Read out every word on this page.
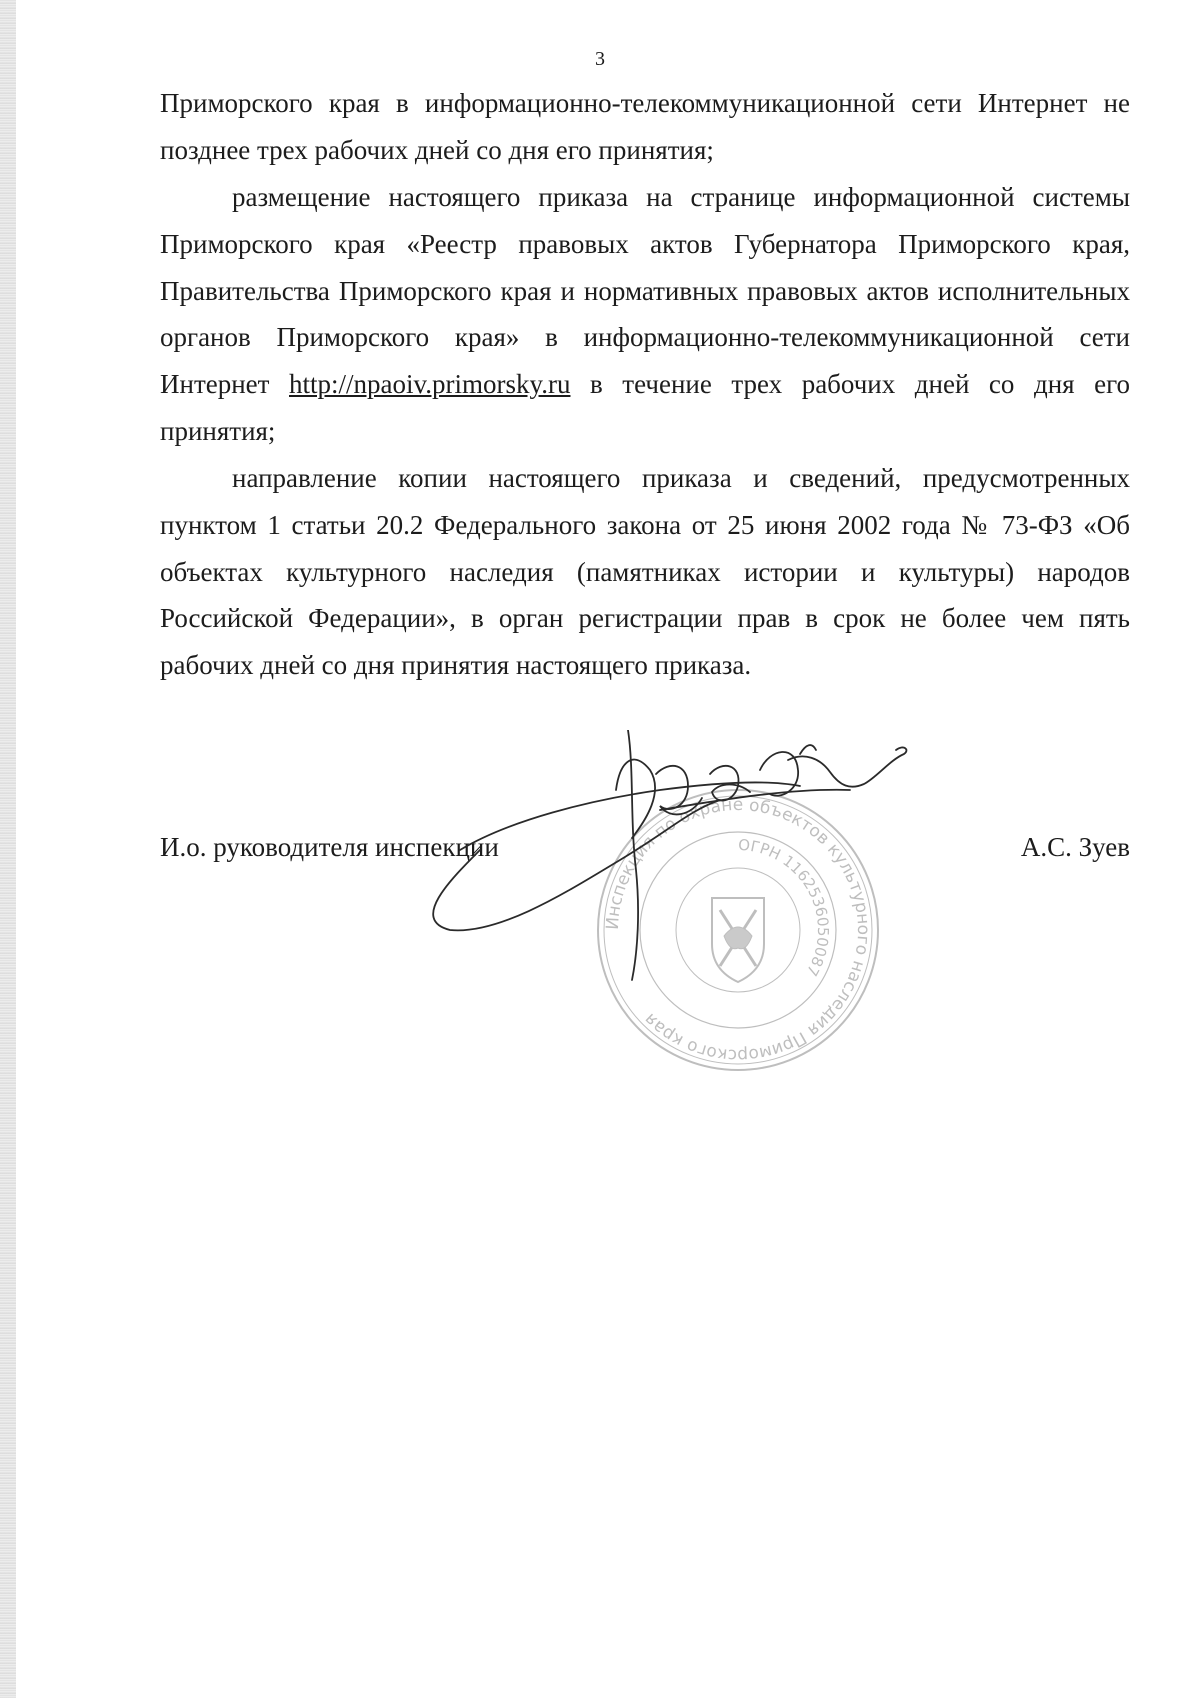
3

Приморского края в информационно-телекоммуникационной сети Интернет не позднее трех рабочих дней со дня его принятия;

размещение настоящего приказа на странице информационной системы Приморского края «Реестр правовых актов Губернатора Приморского края, Правительства Приморского края и нормативных правовых актов исполнительных органов Приморского края» в информационно-телекоммуникационной сети Интернет http://npaoiv.primorsky.ru в течение трех рабочих дней со дня его принятия;

направление копии настоящего приказа и сведений, предусмотренных пунктом 1 статьи 20.2 Федерального закона от 25 июня 2002 года № 73-ФЗ «Об объектах культурного наследия (памятниках истории и культуры) народов Российской Федерации», в орган регистрации прав в срок не более чем пять рабочих дней со дня принятия настоящего приказа.

И.о. руководителя инспекции	А.С. Зуев
Инспекция по охране объектов культурного наследия Приморского края
ОГРН 1162536050087
